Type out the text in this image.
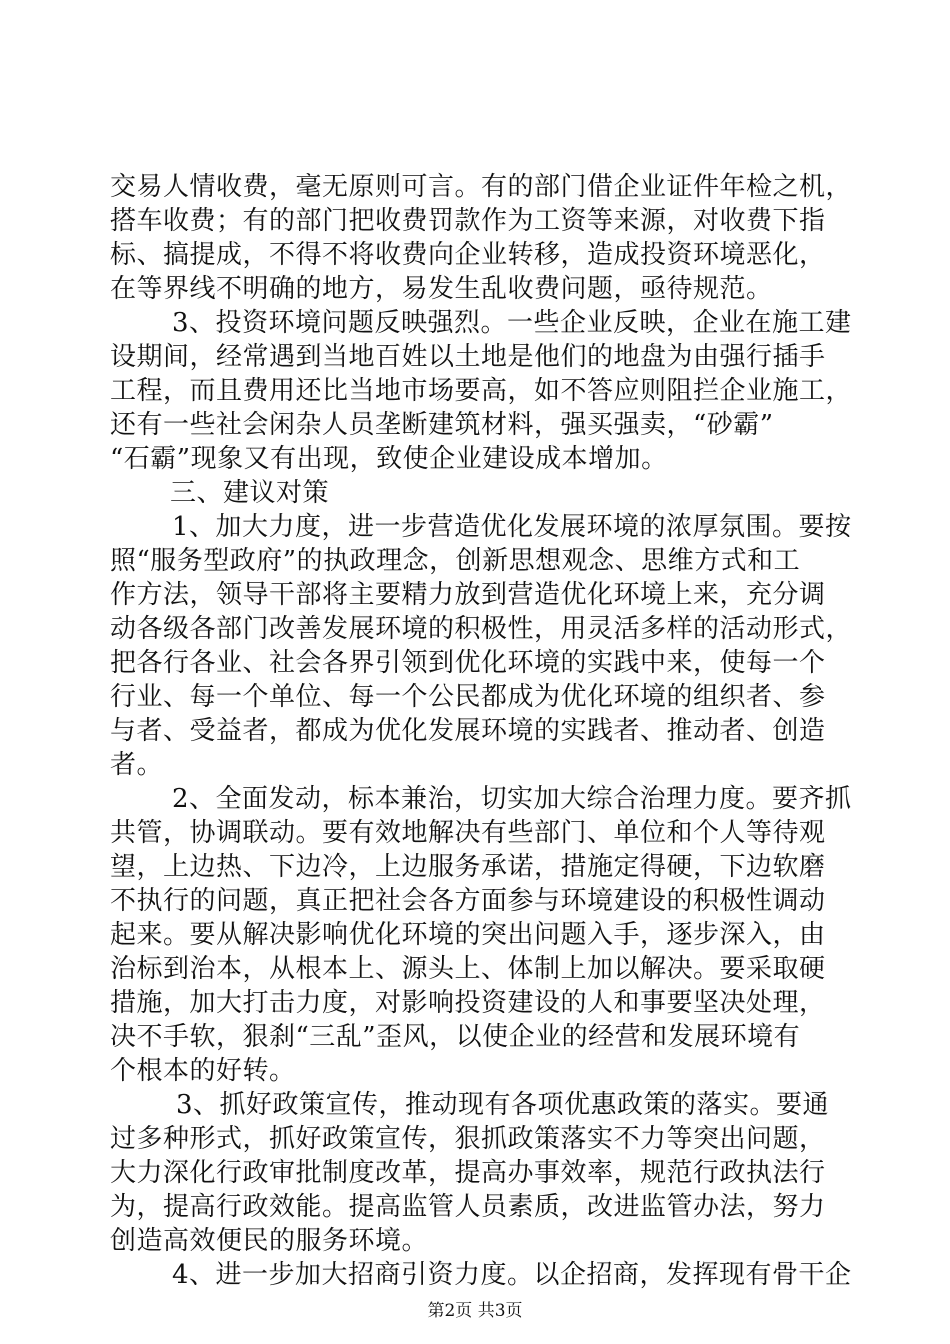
交易人情收费，毫无原则可言。有的部门借企业证件年检之机，
搭车收费；有的部门把收费罚款作为工资等来源，对收费下指
标、搞提成，不得不将收费向企业转移，造成投资环境恶化，
在等界线不明确的地方，易发生乱收费问题，亟待规范。
3、投资环境问题反映强烈。一些企业反映，企业在施工建
设期间，经常遇到当地百姓以土地是他们的地盘为由强行插手
工程，而且费用还比当地市场要高，如不答应则阻拦企业施工，
还有一些社会闲杂人员垄断建筑材料，强买强卖，“砂霸”
“石霸”现象又有出现，致使企业建设成本增加。
三、建议对策
1、加大力度，进一步营造优化发展环境的浓厚氛围。要按
照“服务型政府”的执政理念，创新思想观念、思维方式和工
作方法，领导干部将主要精力放到营造优化环境上来，充分调
动各级各部门改善发展环境的积极性，用灵活多样的活动形式，
把各行各业、社会各界引领到优化环境的实践中来，使每一个
行业、每一个单位、每一个公民都成为优化环境的组织者、参
与者、受益者，都成为优化发展环境的实践者、推动者、创造
者。
2、全面发动，标本兼治，切实加大综合治理力度。要齐抓
共管，协调联动。要有效地解决有些部门、单位和个人等待观
望，上边热、下边冷，上边服务承诺，措施定得硬，下边软磨
不执行的问题，真正把社会各方面参与环境建设的积极性调动
起来。要从解决影响优化环境的突出问题入手，逐步深入，由
治标到治本，从根本上、源头上、体制上加以解决。要采取硬
措施，加大打击力度，对影响投资建设的人和事要坚决处理，
决不手软，狠刹“三乱”歪风，以使企业的经营和发展环境有
个根本的好转。
3、抓好政策宣传，推动现有各项优惠政策的落实。要通
过多种形式，抓好政策宣传，狠抓政策落实不力等突出问题，
大力深化行政审批制度改革，提高办事效率，规范行政执法行
为，提高行政效能。提高监管人员素质，改进监管办法，努力
创造高效便民的服务环境。
4、进一步加大招商引资力度。以企招商，发挥现有骨干企
第2页 共3页
